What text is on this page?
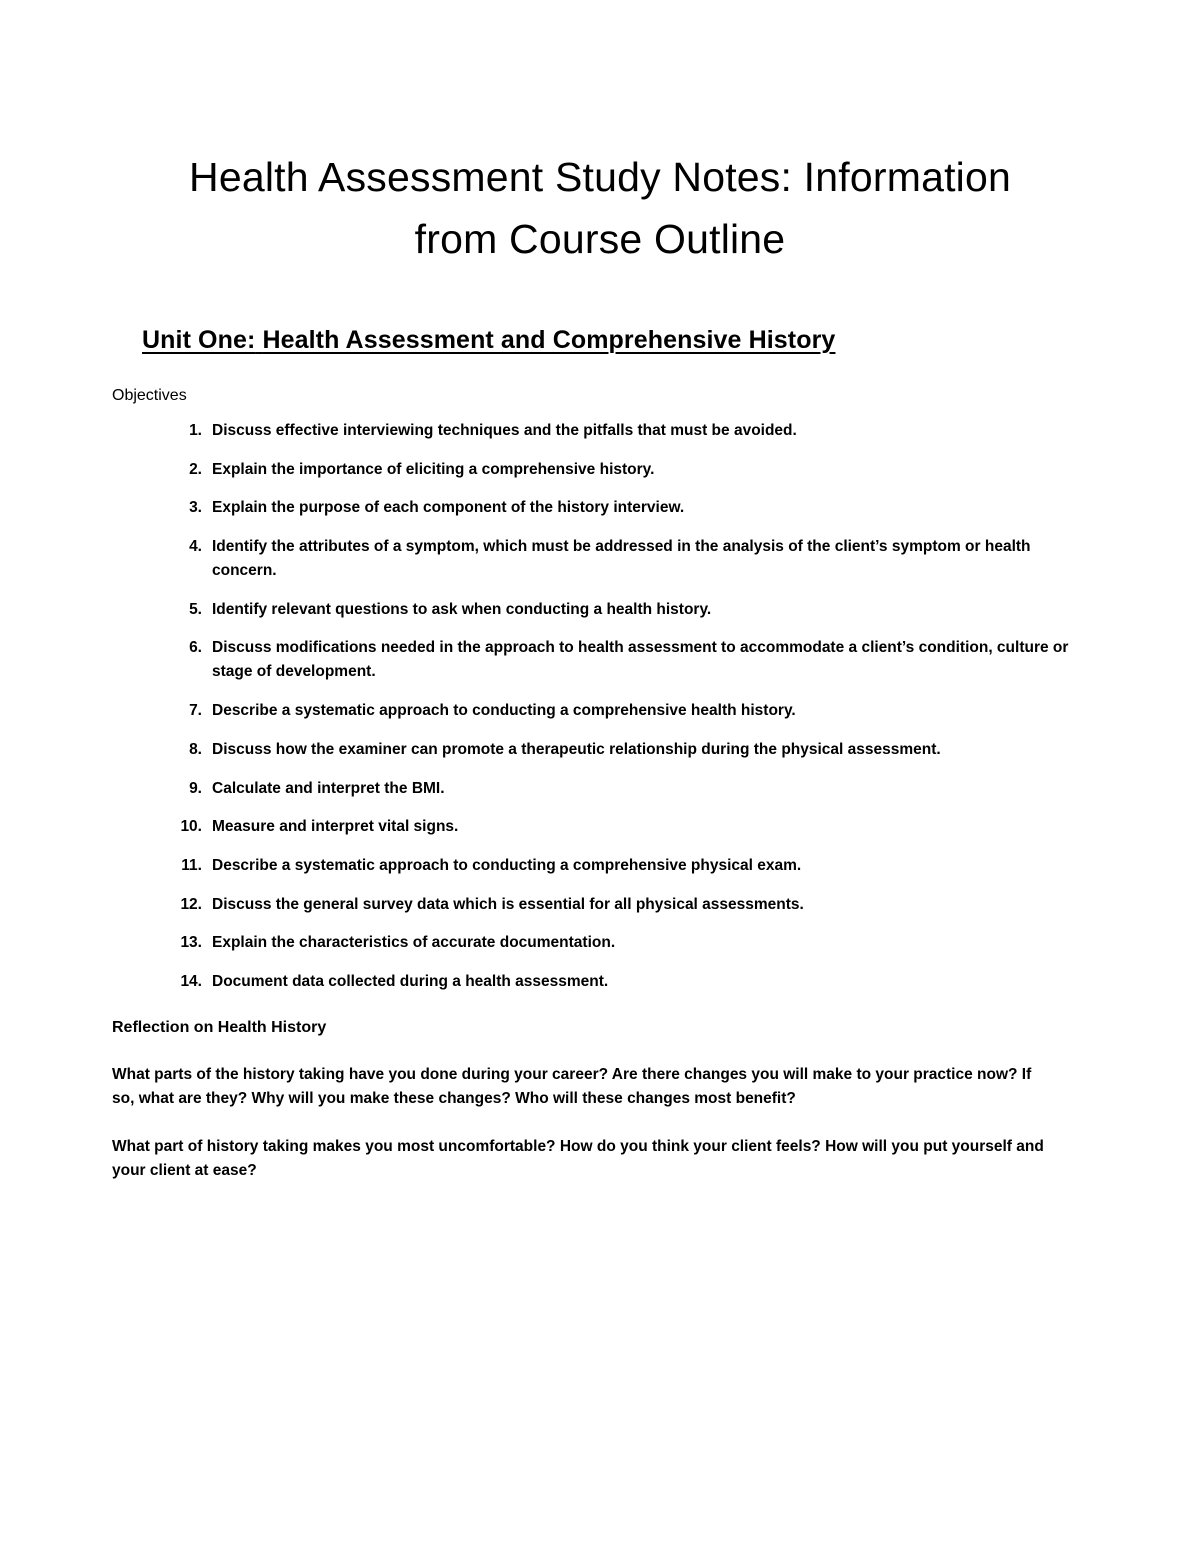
Health Assessment Study Notes: Information
from Course Outline
Unit One: Health Assessment and Comprehensive History

Objectives

1. Discuss effective interviewing techniques and the pitfalls that must be avoided.
2. Explain the importance of eliciting a comprehensive history.
3. Explain the purpose of each component of the history interview.
4. Identify the attributes of a symptom, which must be addressed in the analysis of the client’s symptom or health concern.
5. Identify relevant questions to ask when conducting a health history.
6. Discuss modifications needed in the approach to health assessment to accommodate a client’s condition, culture or stage of development.
7. Describe a systematic approach to conducting a comprehensive health history.
8. Discuss how the examiner can promote a therapeutic relationship during the physical assessment.
9. Calculate and interpret the BMI.
10. Measure and interpret vital signs.
11. Describe a systematic approach to conducting a comprehensive physical exam.
12. Discuss the general survey data which is essential for all physical assessments.
13. Explain the characteristics of accurate documentation.
14. Document data collected during a health assessment.
Reflection on Health History

What parts of the history taking have you done during your career? Are there changes you will make to your practice now? If so, what are they? Why will you make these changes? Who will these changes most benefit?

What part of history taking makes you most uncomfortable? How do you think your client feels? How will you put yourself and your client at ease?
